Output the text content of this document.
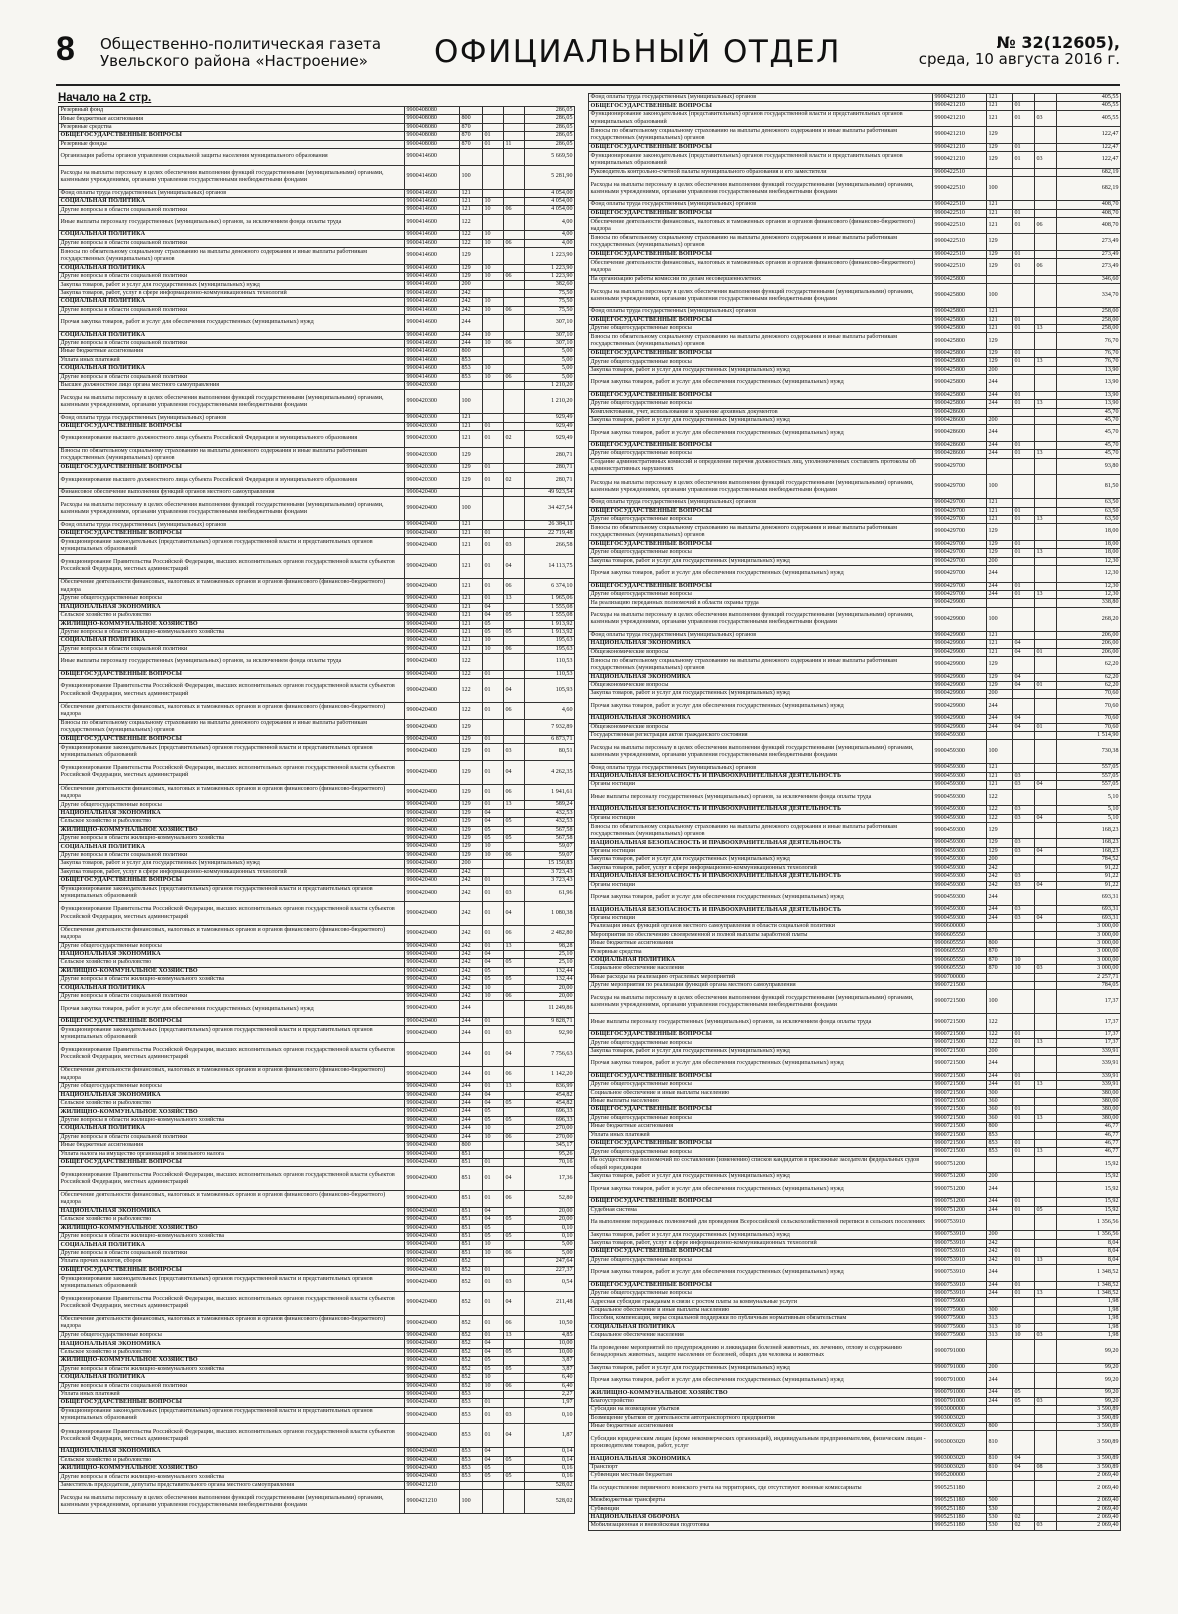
8 Общественно-политическая газета
Увельского района «Настроение»	ОФИЦИАЛЬНЫЙ ОТДЕЛ	№ 32(12605),
среда, 10 августа 2016 г.
Начало на 2 стр.
Резервный фонд	9900408080				286,05
Иные бюджетные ассигнования	9900408080	800			286,05
Резервные средства	9900408080	870			286,05
ОБЩЕГОСУДАРСТВЕННЫЕ ВОПРОСЫ	9900408080	870	01		286,05
Резервные фонды	9900408080	870	01	11	286,05
Организация работы органов управления социальной защиты населения муниципального образования	9900414600				5 669,50
Расходы на выплаты персоналу в целях обеспечения выполнения функций государственными (муниципальными) органами, казенными учреждениями, органами управления государственными внебюджетными фондами	9900414600	100			5 281,90
Фонд оплаты труда государственных (муниципальных) органов	9900414600	121			4 054,00
СОЦИАЛЬНАЯ ПОЛИТИКА	9900414600	121	10		4 054,00
Другие вопросы в области социальной политики	9900414600	121	10	06	4 054,00
Иные выплаты персоналу государственных (муниципальных) органов, за исключением фонда оплаты труда	9900414600	122			4,00
СОЦИАЛЬНАЯ ПОЛИТИКА	9900414600	122	10		4,00
Другие вопросы в области социальной политики	9900414600	122	10	06	4,00
Взносы по обязательному социальному страхованию на выплаты денежного содержания и иные выплаты работникам государственных (муниципальных) органов	9900414600	129			1 223,90
СОЦИАЛЬНАЯ ПОЛИТИКА	9900414600	129	10		1 223,90
Другие вопросы в области социальной политики	9900414600	129	10	06	1 223,90
Закупка товаров, работ и услуг для государственных (муниципальных) нужд	9900414600	200			382,60
Закупка товаров, работ, услуг в сфере информационно-коммуникационных технологий	9900414600	242			75,50
СОЦИАЛЬНАЯ ПОЛИТИКА	9900414600	242	10		75,50
Другие вопросы в области социальной политики	9900414600	242	10	06	75,50
Прочая закупка товаров, работ и услуг для обеспечения государственных (муниципальных) нужд	9900414600	244			307,10
СОЦИАЛЬНАЯ ПОЛИТИКА	9900414600	244	10		307,10
Другие вопросы в области социальной политики	9900414600	244	10	06	307,10
Иные бюджетные ассигнования	9900414600	800			5,00
Уплата иных платежей	9900414600	853			5,00
СОЦИАЛЬНАЯ ПОЛИТИКА	9900414600	853	10		5,00
Другие вопросы в области социальной политики	9900414600	853	10	06	5,00
Высшее должностное лицо органа местного самоуправления	9900420300				1 210,20
Расходы на выплаты персоналу в целях обеспечения выполнения функций государственными (муниципальными) органами, казенными учреждениями, органами управления государственными внебюджетными фондами	9900420300	100			1 210,20
Фонд оплаты труда государственных (муниципальных) органов	9900420300	121			929,49
ОБЩЕГОСУДАРСТВЕННЫЕ ВОПРОСЫ	9900420300	121	01		929,49
Функционирование высшего должностного лица субъекта Российской Федерации и муниципального образования	9900420300	121	01	02	929,49
Взносы по обязательному социальному страхованию на выплаты денежного содержания и иные выплаты работникам государственных (муниципальных) органов	9900420300	129			280,71
ОБЩЕГОСУДАРСТВЕННЫЕ ВОПРОСЫ	9900420300	129	01		280,71
Функционирование высшего должностного лица субъекта Российской Федерации и муниципального образования	9900420300	129	01	02	280,71
Финансовое обеспечение выполнения функций органов местного самоуправления	9900420400				49 923,54
Расходы на выплаты персоналу в целях обеспечения выполнения функций государственными (муниципальными) органами, казенными учреждениями, органами управления государственными внебюджетными фондами	9900420400	100			34 427,54
Фонд оплаты труда государственных (муниципальных) органов	9900420400	121			26 384,11
ОБЩЕГОСУДАРСТВЕННЫЕ ВОПРОСЫ	9900420400	121	01		22 719,48
Функционирование законодательных (представительных) органов государственной власти и представительных органов муниципальных образований	9900420400	121	01	03	266,58
Функционирование Правительства Российской Федерации, высших исполнительных органов государственной власти субъектов Российской Федерации, местных администраций	9900420400	121	01	04	14 113,75
Обеспечение деятельности финансовых, налоговых и таможенных органов и органов финансового (финансово-бюджетного) надзора	9900420400	121	01	06	6 374,10
Другие общегосударственные вопросы	9900420400	121	01	13	1 965,06
НАЦИОНАЛЬНАЯ ЭКОНОМИКА	9900420400	121	04		1 555,08
Сельское хозяйство и рыболовство	9900420400	121	04	05	1 555,08
ЖИЛИЩНО-КОММУНАЛЬНОЕ ХОЗЯЙСТВО	9900420400	121	05		1 913,92
Другие вопросы в области жилищно-коммунального хозяйства	9900420400	121	05	05	1 913,92
СОЦИАЛЬНАЯ ПОЛИТИКА	9900420400	121	10		195,63
Другие вопросы в области социальной политики	9900420400	121	10	06	195,63
Иные выплаты персоналу государственных (муниципальных) органов, за исключением фонда оплаты труда	9900420400	122			110,53
ОБЩЕГОСУДАРСТВЕННЫЕ ВОПРОСЫ	9900420400	122	01		110,53
Функционирование Правительства Российской Федерации, высших исполнительных органов государственной власти субъектов Российской Федерации, местных администраций	9900420400	122	01	04	105,93
Обеспечение деятельности финансовых, налоговых и таможенных органов и органов финансового (финансово-бюджетного) надзора	9900420400	122	01	06	4,60
Взносы по обязательному социальному страхованию на выплаты денежного содержания и иные выплаты работникам государственных (муниципальных) органов	9900420400	129			7 932,89
ОБЩЕГОСУДАРСТВЕННЫЕ ВОПРОСЫ	9900420400	129	01		6 873,71
Функционирование законодательных (представительных) органов государственной власти и представительных органов муниципальных образований	9900420400	129	01	03	80,51
Функционирование Правительства Российской Федерации, высших исполнительных органов государственной власти субъектов Российской Федерации, местных администраций	9900420400	129	01	04	4 262,35
Обеспечение деятельности финансовых, налоговых и таможенных органов и органов финансового (финансово-бюджетного) надзора	9900420400	129	01	06	1 941,61
Другие общегосударственные вопросы	9900420400	129	01	13	589,24
НАЦИОНАЛЬНАЯ ЭКОНОМИКА	9900420400	129	04		432,53
Сельское хозяйство и рыболовство	9900420400	129	04	05	432,53
ЖИЛИЩНО-КОММУНАЛЬНОЕ ХОЗЯЙСТВО	9900420400	129	05		567,58
Другие вопросы в области жилищно-коммунального хозяйства	9900420400	129	05	05	567,58
СОЦИАЛЬНАЯ ПОЛИТИКА	9900420400	129	10		59,07
Другие вопросы в области социальной политики	9900420400	129	10	06	59,07
Закупка товаров, работ и услуг для государственных (муниципальных) нужд	9900420400	200			15 150,83
Закупка товаров, работ, услуг в сфере информационно-коммуникационных технологий	9900420400	242			3 723,43
ОБЩЕГОСУДАРСТВЕННЫЕ ВОПРОСЫ	9900420400	242	01		3 723,43
Функционирование законодательных (представительных) органов государственной власти и представительных органов муниципальных образований	9900420400	242	01	03	61,96
Функционирование Правительства Российской Федерации, высших исполнительных органов государственной власти субъектов Российской Федерации, местных администраций	9900420400	242	01	04	1 080,38
Обеспечение деятельности финансовых, налоговых и таможенных органов и органов финансового (финансово-бюджетного) надзора	9900420400	242	01	06	2 482,80
Другие общегосударственные вопросы	9900420400	242	01	13	98,28
НАЦИОНАЛЬНАЯ ЭКОНОМИКА	9900420400	242	04		25,10
Сельское хозяйство и рыболовство	9900420400	242	04	05	25,10
ЖИЛИЩНО-КОММУНАЛЬНОЕ ХОЗЯЙСТВО	9900420400	242	05		132,44
Другие вопросы в области жилищно-коммунального хозяйства	9900420400	242	05	05	132,44
СОЦИАЛЬНАЯ ПОЛИТИКА	9900420400	242	10		20,00
Другие вопросы в области социальной политики	9900420400	242	10	06	20,00
Прочая закупка товаров, работ и услуг для обеспечения государственных (муниципальных) нужд	9900420400	244			11 249,86
ОБЩЕГОСУДАРСТВЕННЫЕ ВОПРОСЫ	9900420400	244	01		9 828,71
Функционирование законодательных (представительных) органов государственной власти и представительных органов муниципальных образований	9900420400	244	01	03	92,90
Функционирование Правительства Российской Федерации, высших исполнительных органов государственной власти субъектов Российской Федерации, местных администраций	9900420400	244	01	04	7 756,63
Обеспечение деятельности финансовых, налоговых и таможенных органов и органов финансового (финансово-бюджетного) надзора	9900420400	244	01	06	1 142,20
Другие общегосударственные вопросы	9900420400	244	01	13	836,99
НАЦИОНАЛЬНАЯ ЭКОНОМИКА	9900420400	244	04		454,82
Сельское хозяйство и рыболовство	9900420400	244	04	05	454,82
ЖИЛИЩНО-КОММУНАЛЬНОЕ ХОЗЯЙСТВО	9900420400	244	05		696,33
Другие вопросы в области жилищно-коммунального хозяйства	9900420400	244	05	05	696,33
СОЦИАЛЬНАЯ ПОЛИТИКА	9900420400	244	10		270,00
Другие вопросы в области социальной политики	9900420400	244	10	06	270,00
Иные бюджетные ассигнования	9900420400	800			345,17
Уплата налога на имущество организаций и земельного налога	9900420400	851			95,26
ОБЩЕГОСУДАРСТВЕННЫЕ ВОПРОСЫ	9900420400	851	01		70,16
Функционирование Правительства Российской Федерации, высших исполнительных органов государственной власти субъектов Российской Федерации, местных администраций	9900420400	851	01	04	17,36
Обеспечение деятельности финансовых, налоговых и таможенных органов и органов финансового (финансово-бюджетного) надзора	9900420400	851	01	06	52,80
НАЦИОНАЛЬНАЯ ЭКОНОМИКА	9900420400	851	04		20,00
Сельское хозяйство и рыболовство	9900420400	851	04	05	20,00
ЖИЛИЩНО-КОММУНАЛЬНОЕ ХОЗЯЙСТВО	9900420400	851	05		0,10
Другие вопросы в области жилищно-коммунального хозяйства	9900420400	851	05	05	0,10
СОЦИАЛЬНАЯ ПОЛИТИКА	9900420400	851	10		5,00
Другие вопросы в области социальной политики	9900420400	851	10	06	5,00
Уплата прочих налогов, сборов	9900420400	852			247,64
ОБЩЕГОСУДАРСТВЕННЫЕ ВОПРОСЫ	9900420400	852	01		227,37
Функционирование законодательных (представительных) органов государственной власти и представительных органов муниципальных образований	9900420400	852	01	03	0,54
Функционирование Правительства Российской Федерации, высших исполнительных органов государственной власти субъектов Российской Федерации, местных администраций	9900420400	852	01	04	211,48
Обеспечение деятельности финансовых, налоговых и таможенных органов и органов финансового (финансово-бюджетного) надзора	9900420400	852	01	06	10,50
Другие общегосударственные вопросы	9900420400	852	01	13	4,85
НАЦИОНАЛЬНАЯ ЭКОНОМИКА	9900420400	852	04		10,00
Сельское хозяйство и рыболовство	9900420400	852	04	05	10,00
ЖИЛИЩНО-КОММУНАЛЬНОЕ ХОЗЯЙСТВО	9900420400	852	05		3,87
Другие вопросы в области жилищно-коммунального хозяйства	9900420400	852	05	05	3,87
СОЦИАЛЬНАЯ ПОЛИТИКА	9900420400	852	10		6,40
Другие вопросы в области социальной политики	9900420400	852	10	06	6,40
Уплата иных платежей	9900420400	853			2,27
ОБЩЕГОСУДАРСТВЕННЫЕ ВОПРОСЫ	9900420400	853	01		1,97
Функционирование законодательных (представительных) органов государственной власти и представительных органов муниципальных образований	9900420400	853	01	03	0,10
Функционирование Правительства Российской Федерации, высших исполнительных органов государственной власти субъектов Российской Федерации, местных администраций	9900420400	853	01	04	1,87
НАЦИОНАЛЬНАЯ ЭКОНОМИКА	9900420400	853	04		0,14
Сельское хозяйство и рыболовство	9900420400	853	04	05	0,14
ЖИЛИЩНО-КОММУНАЛЬНОЕ ХОЗЯЙСТВО	9900420400	853	05		0,16
Другие вопросы в области жилищно-коммунального хозяйства	9900420400	853	05	05	0,16
Заместитель председателя, депутаты представительного органа местного самоуправления	9900421210				528,02
Расходы на выплаты персоналу в целях обеспечения выполнения функций государственными (муниципальными) органами, казенными учреждениями, органами управления государственными внебюджетными фондами	9900421210	100			528,02
Фонд оплаты труда государственных (муниципальных) органов	9900421210	121			405,55
ОБЩЕГОСУДАРСТВЕННЫЕ ВОПРОСЫ	9900421210	121	01		405,55
Функционирование законодательных (представительных) органов государственной власти и представительных органов муниципальных образований	9900421210	121	01	03	405,55
Взносы по обязательному социальному страхованию на выплаты денежного содержания и иные выплаты работникам государственных (муниципальных) органов	9900421210	129			122,47
ОБЩЕГОСУДАРСТВЕННЫЕ ВОПРОСЫ	9900421210	129	01		122,47
Функционирование законодательных (представительных) органов государственной власти и представительных органов муниципальных образований	9900421210	129	01	03	122,47
Руководитель контрольно-счетной палаты муниципального образования и его заместители	9900422510				682,19
Расходы на выплаты персоналу в целях обеспечения выполнения функций государственными (муниципальными) органами, казенными учреждениями, органами управления государственными внебюджетными фондами	9900422510	100			682,19
Фонд оплаты труда государственных (муниципальных) органов	9900422510	121			408,70
ОБЩЕГОСУДАРСТВЕННЫЕ ВОПРОСЫ	9900422510	121	01		408,70
Обеспечение деятельности финансовых, налоговых и таможенных органов и органов финансового (финансово-бюджетного) надзора	9900422510	121	01	06	408,70
Взносы по обязательному социальному страхованию на выплаты денежного содержания и иные выплаты работникам государственных (муниципальных) органов	9900422510	129			273,49
ОБЩЕГОСУДАРСТВЕННЫЕ ВОПРОСЫ	9900422510	129	01		273,49
Обеспечение деятельности финансовых, налоговых и таможенных органов и органов финансового (финансово-бюджетного) надзора	9900422510	129	01	06	273,49
На организацию работы комиссии по делам несовершеннолетних	9900425800				346,60
Расходы на выплаты персоналу в целях обеспечения выполнения функций государственными (муниципальными) органами, казенными учреждениями, органами управления государственными внебюджетными фондами	9900425800	100			334,70
Фонд оплаты труда государственных (муниципальных) органов	9900425800	121			258,00
ОБЩЕГОСУДАРСТВЕННЫЕ ВОПРОСЫ	9900425800	121	01		258,00
Другие общегосударственные вопросы	9900425800	121	01	13	258,00
Взносы по обязательному социальному страхованию на выплаты денежного содержания и иные выплаты работникам государственных (муниципальных) органов	9900425800	129			76,70
ОБЩЕГОСУДАРСТВЕННЫЕ ВОПРОСЫ	9900425800	129	01		76,70
Другие общегосударственные вопросы	9900425800	129	01	13	76,70
Закупка товаров, работ и услуг для государственных (муниципальных) нужд	9900425800	200			13,90
Прочая закупка товаров, работ и услуг для обеспечения государственных (муниципальных) нужд	9900425800	244			13,90
ОБЩЕГОСУДАРСТВЕННЫЕ ВОПРОСЫ	9900425800	244	01		13,90
Другие общегосударственные вопросы	9900425800	244	01	13	13,90
Комплектование, учет, использование и хранение архивных документов	9900428600				45,70
Закупка товаров, работ и услуг для государственных (муниципальных) нужд	9900428600	200			45,70
Прочая закупка товаров, работ и услуг для обеспечения государственных (муниципальных) нужд	9900428600	244			45,70
ОБЩЕГОСУДАРСТВЕННЫЕ ВОПРОСЫ	9900428600	244	01		45,70
Другие общегосударственные вопросы	9900428600	244	01	13	45,70
Создание административных комиссий и определение перечня должностных лиц, уполномоченных составлять протоколы об административных нарушениях	9900429700				93,80
Расходы на выплаты персоналу в целях обеспечения выполнения функций государственными (муниципальными) органами, казенными учреждениями, органами управления государственными внебюджетными фондами	9900429700	100			81,50
Фонд оплаты труда государственных (муниципальных) органов	9900429700	121			63,50
ОБЩЕГОСУДАРСТВЕННЫЕ ВОПРОСЫ	9900429700	121	01		63,50
Другие общегосударственные вопросы	9900429700	121	01	13	63,50
Взносы по обязательному социальному страхованию на выплаты денежного содержания и иные выплаты работникам государственных (муниципальных) органов	9900429700	129			18,00
ОБЩЕГОСУДАРСТВЕННЫЕ ВОПРОСЫ	9900429700	129	01		18,00
Другие общегосударственные вопросы	9900429700	129	01	13	18,00
Закупка товаров, работ и услуг для государственных (муниципальных) нужд	9900429700	200			12,30
Прочая закупка товаров, работ и услуг для обеспечения государственных (муниципальных) нужд	9900429700	244			12,30
ОБЩЕГОСУДАРСТВЕННЫЕ ВОПРОСЫ	9900429700	244	01		12,30
Другие общегосударственные вопросы	9900429700	244	01	13	12,30
На реализацию переданных полномочий в области охраны труда	9900429900				338,80
Расходы на выплаты персоналу в целях обеспечения выполнения функций государственными (муниципальными) органами, казенными учреждениями, органами управления государственными внебюджетными фондами	9900429900	100			268,20
Фонд оплаты труда государственных (муниципальных) органов	9900429900	121			206,00
НАЦИОНАЛЬНАЯ ЭКОНОМИКА	9900429900	121	04		206,00
Общеэкономические вопросы	9900429900	121	04	01	206,00
Взносы по обязательному социальному страхованию на выплаты денежного содержания и иные выплаты работникам государственных (муниципальных) органов	9900429900	129			62,20
НАЦИОНАЛЬНАЯ ЭКОНОМИКА	9900429900	129	04		62,20
Общеэкономические вопросы	9900429900	129	04	01	62,20
Закупка товаров, работ и услуг для государственных (муниципальных) нужд	9900429900	200			70,60
Прочая закупка товаров, работ и услуг для обеспечения государственных (муниципальных) нужд	9900429900	244			70,60
НАЦИОНАЛЬНАЯ ЭКОНОМИКА	9900429900	244	04		70,60
Общеэкономические вопросы	9900429900	244	04	01	70,60
Государственная регистрация актов гражданского состояния	9900459300				1 514,90
Расходы на выплаты персоналу в целях обеспечения выполнения функций государственными (муниципальными) органами, казенными учреждениями, органами управления государственными внебюджетными фондами	9900459300	100			730,38
Фонд оплаты труда государственных (муниципальных) органов	9900459300	121			557,05
НАЦИОНАЛЬНАЯ БЕЗОПАСНОСТЬ И ПРАВООХРАНИТЕЛЬНАЯ ДЕЯТЕЛЬНОСТЬ	9900459300	121	03		557,05
Органы юстиции	9900459300	121	03	04	557,05
Иные выплаты персоналу государственных (муниципальных) органов, за исключением фонда оплаты труда	9900459300	122			5,10
НАЦИОНАЛЬНАЯ БЕЗОПАСНОСТЬ И ПРАВООХРАНИТЕЛЬНАЯ ДЕЯТЕЛЬНОСТЬ	9900459300	122	03		5,10
Органы юстиции	9900459300	122	03	04	5,10
Взносы по обязательному социальному страхованию на выплаты денежного содержания и иные выплаты работникам государственных (муниципальных) органов	9900459300	129			168,23
НАЦИОНАЛЬНАЯ БЕЗОПАСНОСТЬ И ПРАВООХРАНИТЕЛЬНАЯ ДЕЯТЕЛЬНОСТЬ	9900459300	129	03		168,23
Органы юстиции	9900459300	129	03	04	168,23
Закупка товаров, работ и услуг для государственных (муниципальных) нужд	9900459300	200			784,52
Закупка товаров, работ, услуг в сфере информационно-коммуникационных технологий	9900459300	242			91,22
НАЦИОНАЛЬНАЯ БЕЗОПАСНОСТЬ И ПРАВООХРАНИТЕЛЬНАЯ ДЕЯТЕЛЬНОСТЬ	9900459300	242	03		91,22
Органы юстиции	9900459300	242	03	04	91,22
Прочая закупка товаров, работ и услуг для обеспечения государственных (муниципальных) нужд	9900459300	244			693,31
НАЦИОНАЛЬНАЯ БЕЗОПАСНОСТЬ И ПРАВООХРАНИТЕЛЬНАЯ ДЕЯТЕЛЬНОСТЬ	9900459300	244	03		693,31
Органы юстиции	9900459300	244	03	04	693,31
Реализация иных функций органов местного самоуправления в области социальной политики	9900600000				3 000,00
Мероприятия по обеспечению своевременной и полной выплаты заработной платы	9900605550				3 000,00
Иные бюджетные ассигнования	9900605550	800			3 000,00
Резервные средства	9900605550	870			3 000,00
СОЦИАЛЬНАЯ ПОЛИТИКА	9900605550	870	10		3 000,00
Социальное обеспечение населения	9900605550	870	10	03	3 000,00
Иные расходы на реализацию отраслевых мероприятий	9900700000				2 257,71
Другие мероприятия по реализации функций органа местного самоуправления	9900721500				784,05
Расходы на выплаты персоналу в целях обеспечения выполнения функций государственными (муниципальными) органами, казенными учреждениями, органами управления государственными внебюджетными фондами	9900721500	100			17,37
Иные выплаты персоналу государственных (муниципальных) органов, за исключением фонда оплаты труда	9900721500	122			17,37
ОБЩЕГОСУДАРСТВЕННЫЕ ВОПРОСЫ	9900721500	122	01		17,37
Другие общегосударственные вопросы	9900721500	122	01	13	17,37
Закупка товаров, работ и услуг для государственных (муниципальных) нужд	9900721500	200			339,91
Прочая закупка товаров, работ и услуг для обеспечения государственных (муниципальных) нужд	9900721500	244			339,91
ОБЩЕГОСУДАРСТВЕННЫЕ ВОПРОСЫ	9900721500	244	01		339,91
Другие общегосударственные вопросы	9900721500	244	01	13	339,91
Социальное обеспечение и иные выплаты населению	9900721500	300			380,00
Иные выплаты населению	9900721500	360			380,00
ОБЩЕГОСУДАРСТВЕННЫЕ ВОПРОСЫ	9900721500	360	01		380,00
Другие общегосударственные вопросы	9900721500	360	01	13	380,00
Иные бюджетные ассигнования	9900721500	800			46,77
Уплата иных платежей	9900721500	853			46,77
ОБЩЕГОСУДАРСТВЕННЫЕ ВОПРОСЫ	9900721500	853	01		46,77
Другие общегосударственные вопросы	9900721500	853	01	13	46,77
На осуществление полномочий по составлению (изменению) списков кандидатов в присяжные заседатели федеральных судов общей юрисдикции	9900751200				15,92
Закупка товаров, работ и услуг для государственных (муниципальных) нужд	9900751200	200			15,92
Прочая закупка товаров, работ и услуг для обеспечения государственных (муниципальных) нужд	9900751200	244			15,92
ОБЩЕГОСУДАРСТВЕННЫЕ ВОПРОСЫ	9900751200	244	01		15,92
Судебная система	9900751200	244	01	05	15,92
На выполнение переданных полномочий для проведения Всероссийской сельскохозяйственной переписи в сельских поселениях	9900753910				1 356,56
Закупка товаров, работ и услуг для государственных (муниципальных) нужд	9900753910	200			1 356,56
Закупка товаров, работ, услуг в сфере информационно-коммуникационных технологий	9900753910	242			8,04
ОБЩЕГОСУДАРСТВЕННЫЕ ВОПРОСЫ	9900753910	242	01		8,04
Другие общегосударственные вопросы	9900753910	242	01	13	8,04
Прочая закупка товаров, работ и услуг для обеспечения государственных (муниципальных) нужд	9900753910	244			1 348,52
ОБЩЕГОСУДАРСТВЕННЫЕ ВОПРОСЫ	9900753910	244	01		1 348,52
Другие общегосударственные вопросы	9900753910	244	01	13	1 348,52
Адресная субсидия гражданам в связи с ростом платы за коммунальные услуги	9900775900				1,98
Социальное обеспечение и иные выплаты населению	9900775900	300			1,98
Пособия, компенсации, меры социальной поддержки по публичным нормативным обязательствам	9900775900	313			1,98
СОЦИАЛЬНАЯ ПОЛИТИКА	9900775900	313	10		1,98
Социальное обеспечение населения	9900775900	313	10	03	1,98
На проведение мероприятий по предупреждению и ликвидации болезней животных, их лечению, отлову и содержанию безнадзорных животных, защите населения от болезней, общих для человека и животных	9900791000				99,20
Закупка товаров, работ и услуг для государственных (муниципальных) нужд	9900791000	200			99,20
Прочая закупка товаров, работ и услуг для обеспечения государственных (муниципальных) нужд	9900791000	244			99,20
ЖИЛИЩНО-КОММУНАЛЬНОЕ ХОЗЯЙСТВО	9900791000	244	05		99,20
Благоустройство	9900791000	244	05	03	99,20
Субсидии на возмещение убытков	9903000000				3 590,89
Возмещение убытков от деятельности автотранспортного предприятия	9903003020				3 590,89
Иные бюджетные ассигнования	9903003020	800			3 590,89
Субсидии юридическим лицам (кроме некоммерческих организаций), индивидуальным предпринимателям, физическим лицам - производителям товаров, работ, услуг	9903003020	810			3 590,89
НАЦИОНАЛЬНАЯ ЭКОНОМИКА	9903003020	810	04		3 590,89
Транспорт	9903003020	810	04	08	3 590,89
Субвенции местным бюджетам	9905200000				2 069,40
На осуществление первичного воинского учета на территориях, где отсутствуют военные комиссариаты	9905251180				2 069,40
Межбюджетные трансферты	9905251180	500			2 069,40
Субвенции	9905251180	530			2 069,40
НАЦИОНАЛЬНАЯ ОБОРОНА	9905251180	530	02		2 069,40
Мобилизационная и вневойсковая подготовка	9905251180	530	02	03	2 069,40
